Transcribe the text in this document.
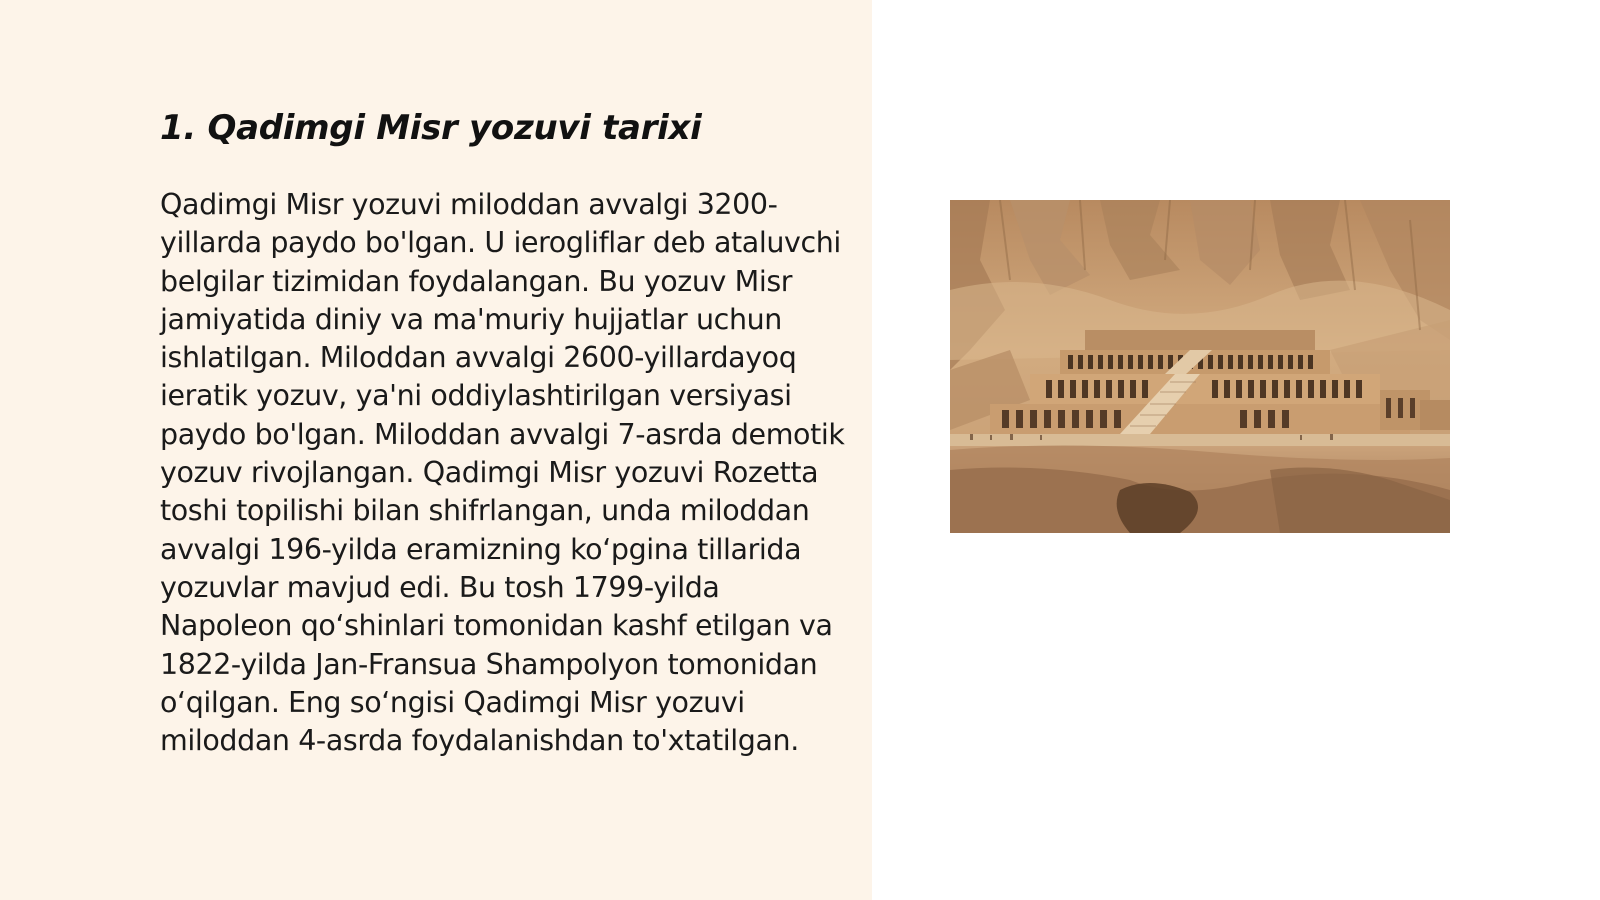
1. Qadimgi Misr yozuvi tarixi

Qadimgi Misr yozuvi miloddan avvalgi 3200-yillarda paydo bo'lgan. U ierogliflar deb ataluvchi belgilar tizimidan foydalangan. Bu yozuv Misr jamiyatida diniy va ma'muriy hujjatlar uchun ishlatilgan. Miloddan avvalgi 2600-yillardayoq ieratik yozuv, ya'ni oddiylashtirilgan versiyasi paydo bo'lgan. Miloddan avvalgi 7-asrda demotik yozuv rivojlangan. Qadimgi Misr yozuvi Rozetta toshi topilishi bilan shifrlangan, unda miloddan avvalgi 196-yilda eramizning ko‘pgina tillarida yozuvlar mavjud edi. Bu tosh 1799-yilda Napoleon qo‘shinlari tomonidan kashf etilgan va 1822-yilda Jan-Fransua Shampolyon tomonidan o‘qilgan. Eng so‘ngisi Qadimgi Misr yozuvi miloddan 4-asrda foydalanishdan to'xtatilgan.
